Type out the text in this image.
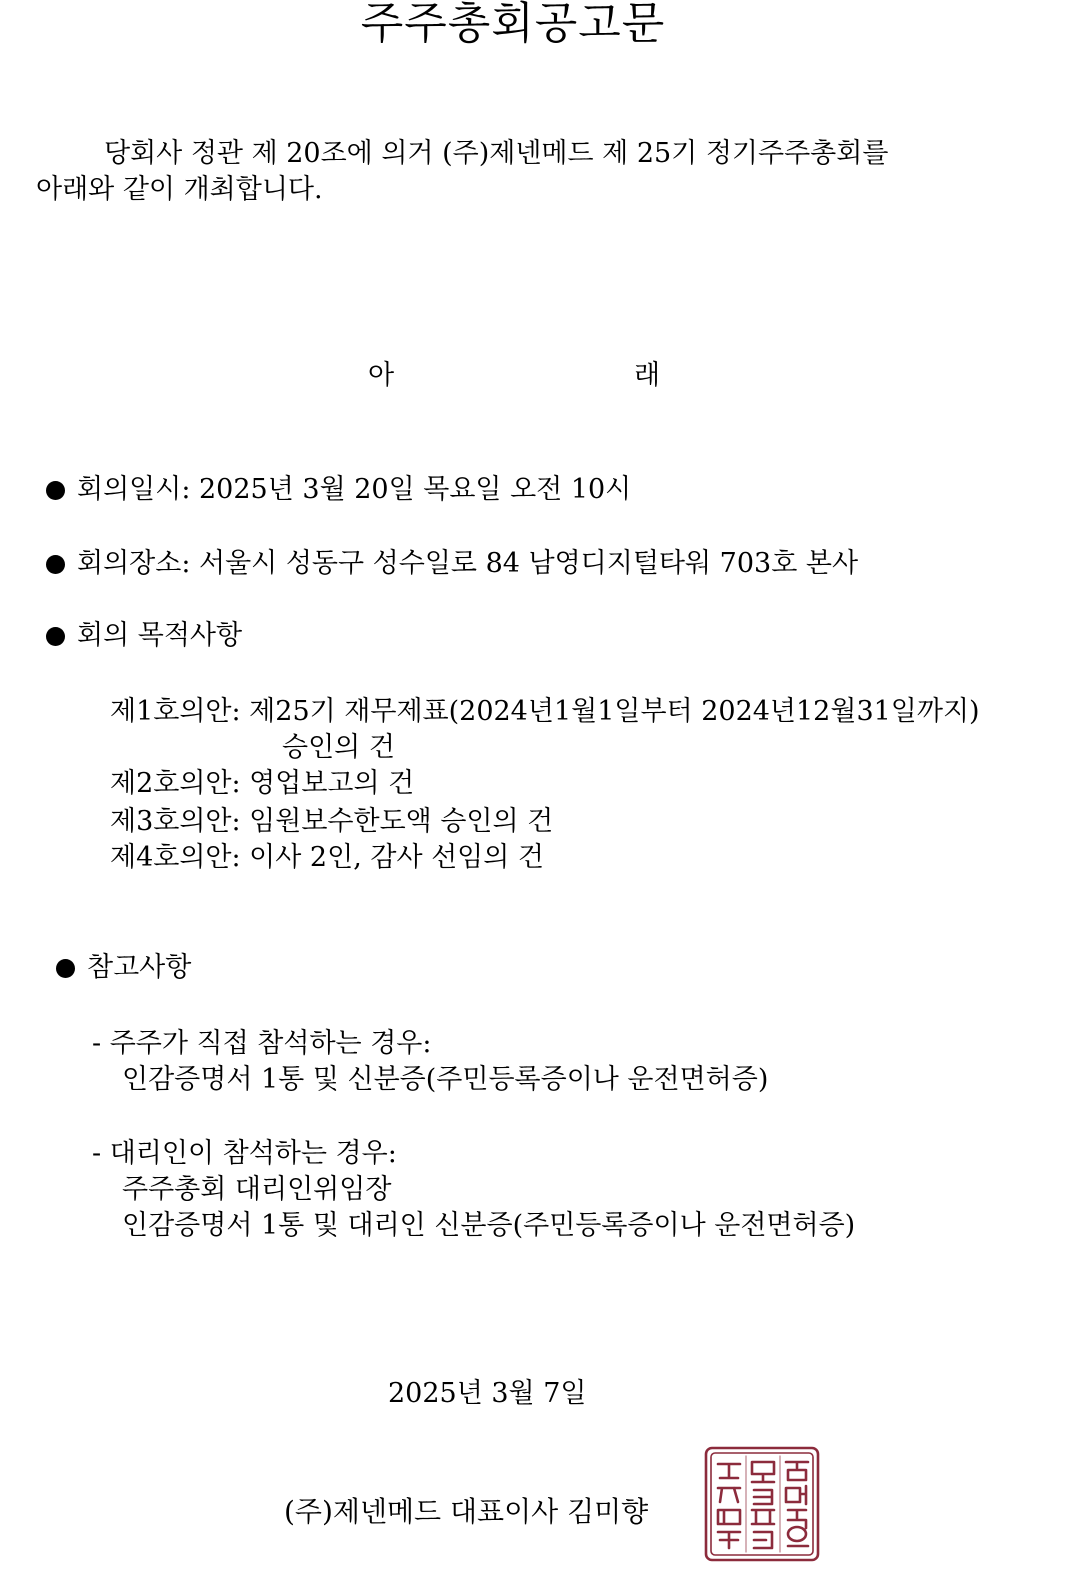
주주총회공고문
당회사 정관 제 20조에 의거 (주)제넨메드 제 25기 정기주주총회를
아래와 같이 개최합니다.
아	래
회의일시: 2025년 3월 20일 목요일 오전 10시
회의장소: 서울시 성동구 성수일로 84 남영디지털타워 703호 본사
회의 목적사항
제1호의안: 제25기 재무제표(2024년1월1일부터 2024년12월31일까지)
승인의 건
제2호의안: 영업보고의 건
제3호의안: 임원보수한도액 승인의 건
제4호의안: 이사 2인, 감사 선임의 건
참고사항
- 주주가 직접 참석하는 경우:
인감증명서 1통 및 신분증(주민등록증이나 운전면허증)
- 대리인이 참석하는 경우:
주주총회 대리인위임장
인감증명서 1통 및 대리인 신분증(주민등록증이나 운전면허증)
2025년 3월 7일
(주)제넨메드 대표이사 김미향
